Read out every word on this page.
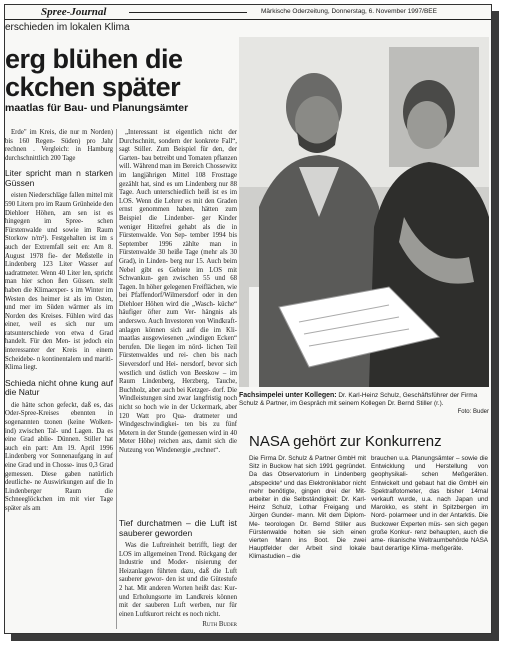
Spree-Journal	Märkische Oderzeitung, Donnerstag, 6. November 1997/BEE
erschieden im lokalen Klima
erg blühen die
ckchen später
maatlas für Bau- und Planungsämter

Erde" im Kreis, die nur m Norden) bis 160 Regen- Süden) pro Jahr rechnen . Vergleich: in Hamburg durchschnittlich 200 Tage

Liter spricht man n starken Güssen

eisten Niederschläge fallen mittel mit 590 Litern pro im Raum Grünheide den Diehloer Höhen, am sen ist es hingegen im Spree- schen Fürstenwalde und sowie im Raum Storkow n/m²). Festgehalten ist im s auch der Extremfall seit en: Am 8. August 1978 fie- der Meßstelle in Lindenberg 123 Liter Wasser auf uadratmeter. Wenn 40 Liter len, spricht man hier schon ßen Güssen. stellt haben die Klimaexper- s im Winter im Westen des heimer ist als im Osten, und mer im Süden wärmer als im Norden des Kreises. Fühlen wird das einer, weil es sich nur um ratsunterschiede von etwa d Grad handelt. Für den Men- ist jedoch ein interessanter der Kreis in einem Scheidebe- n kontinentalem und mariti- Klima liegt.

Schieda nicht ohne kung auf die Natur

die hätte schon gefeckt, daß es, das Oder-Spree-Kreises ebennten in sogenannten tzonen (keine Wolken- ind) zwischen Tal- und Lagen. Da es eine Grad ablie- Dünnen. Stiller hat auch ein part: Am 19. April 1996 Lindenberg vor Sonnenaufgang in auf eine Grad und in Chosse- inus 0,3 Grad gemessen. Diese gaben natürlich deutliche- ne Auswirkungen auf die In Lindenberger Raum die Schneeglöckchen im mit vier Tage später als am

„Interessant ist eigentlich nicht der Durchschnitt, sondern der konkrete Fall“, sagt Stiller. Zum Beispiel für den, der Garten- bau betreibt und Tomaten pflanzen will. Während man im Bereich Chossewitz im langjährigen Mittel 108 Frosttage gezählt hat, sind es um Lindenberg nur 88 Tage. Auch unterschiedlich heiß ist es im LOS. Wenn die Lehrer es mit den Graden ernst genommen haben, hätten zum Beispiel die Lindenber- ger Kinder weniger Hitzefrei gehabt als die in Fürstenwalde. Von Sep- tember 1994 bis September 1996 zählte man in Fürstenwalde 30 heiße Tage (mehr als 30 Grad), in Linden- berg nur 15. Auch beim Nebel gibt es Gebiete im LOS mit Schwankun- gen zwischen 55 und 68 Tagen. In höher gelegenen Freiflächen, wie bei Pfaffendorf/Wilmersdorf oder in den Diehloer Höhen wird die „Wasch- küche“ häufiger öfter zum Ver- hängnis als anderswo. Auch Investoren von Windkraft- anlagen können sich auf die im Kli- maatlas ausgewiesenen „windigen Ecken“ berufen. Die liegen im nörd- lichen Teil Fürstenwaldes und rei- chen bis nach Sieversdorf und Hei- nersdorf, bevor sich westlich und östlich von Beeskow – im Raum Lindenberg, Herzberg, Tauche, Buchholz, aber auch bei Ketzger- dorf. Die Windleistungen sind zwar langfristig noch nicht so hoch wie in der Uckermark, aber 120 Watt pro Qua- dratmeter und Windgeschwindigkei- ten bis zu fünf Metern in der Stunde (gemessen wird in 40 Meter Höhe) reichen aus, damit sich die Nutzung von Windenergie „rechnet“.

Tief durchatmen – die Luft ist sauberer geworden

Was die Luftreinheit betrifft, liegt der LOS im allgemeinen Trend. Rückgang der Industrie und Moder- nisierung der Heizanlagen führten dazu, daß die Luft sauberer gewor- den ist und die Gütestufe 2 hat. Mit anderen Worten heißt das: Kur- und Erholungsorte im Landkreis können mit der sauberen Luft werben, nur für einen Luftkurort reicht es noch nicht.

Ruth Buder
Fachsimpelei unter Kollegen: Dr. Karl-Heinz Schulz, Geschäftsführer der Firma Schulz & Partner, im Gespräch mit seinem Kollegen Dr. Bernd Stiller (r.).
Foto: Buder
NASA gehört zur Konkurrenz

Die Firma Dr. Schulz & Partner GmbH mit Sitz in Buckow hat sich 1991 gegründet. Da das Observatorium in Lindenberg „abspeckte“ und das Elektroniklabor nicht mehr benötigte, gingen drei der Mit- arbeiter in die Selbständigkeit: Dr. Karl-Heinz Schulz, Lothar Freigang und Jürgen Gunder- mann. Mit dem Diplom-Me- teorologen Dr. Bernd Stiller aus Fürstenwalde holten sie sich einen vierten Mann ins Boot. Die zwei Hauptfelder der Arbeit sind lokale Klimastudien – die

brauchen u.a. Planungsämter – sowie die Entwicklung und Herstellung von geophysikali- schen Meßgeräten. Entwickelt und gebaut hat die GmbH ein Spektralfotometer, das bisher 14mal verkauft wurde, u.a. nach Japan und Marokko, es steht in Spitzbergen im Nord- polarmeer und in der Antarktis. Die Buckower Experten müs- sen sich gegen große Konkur- renz behaupten, auch die ame- rikanische Weltraumbehörde NASA baut derartige Klima- meßgeräte.
